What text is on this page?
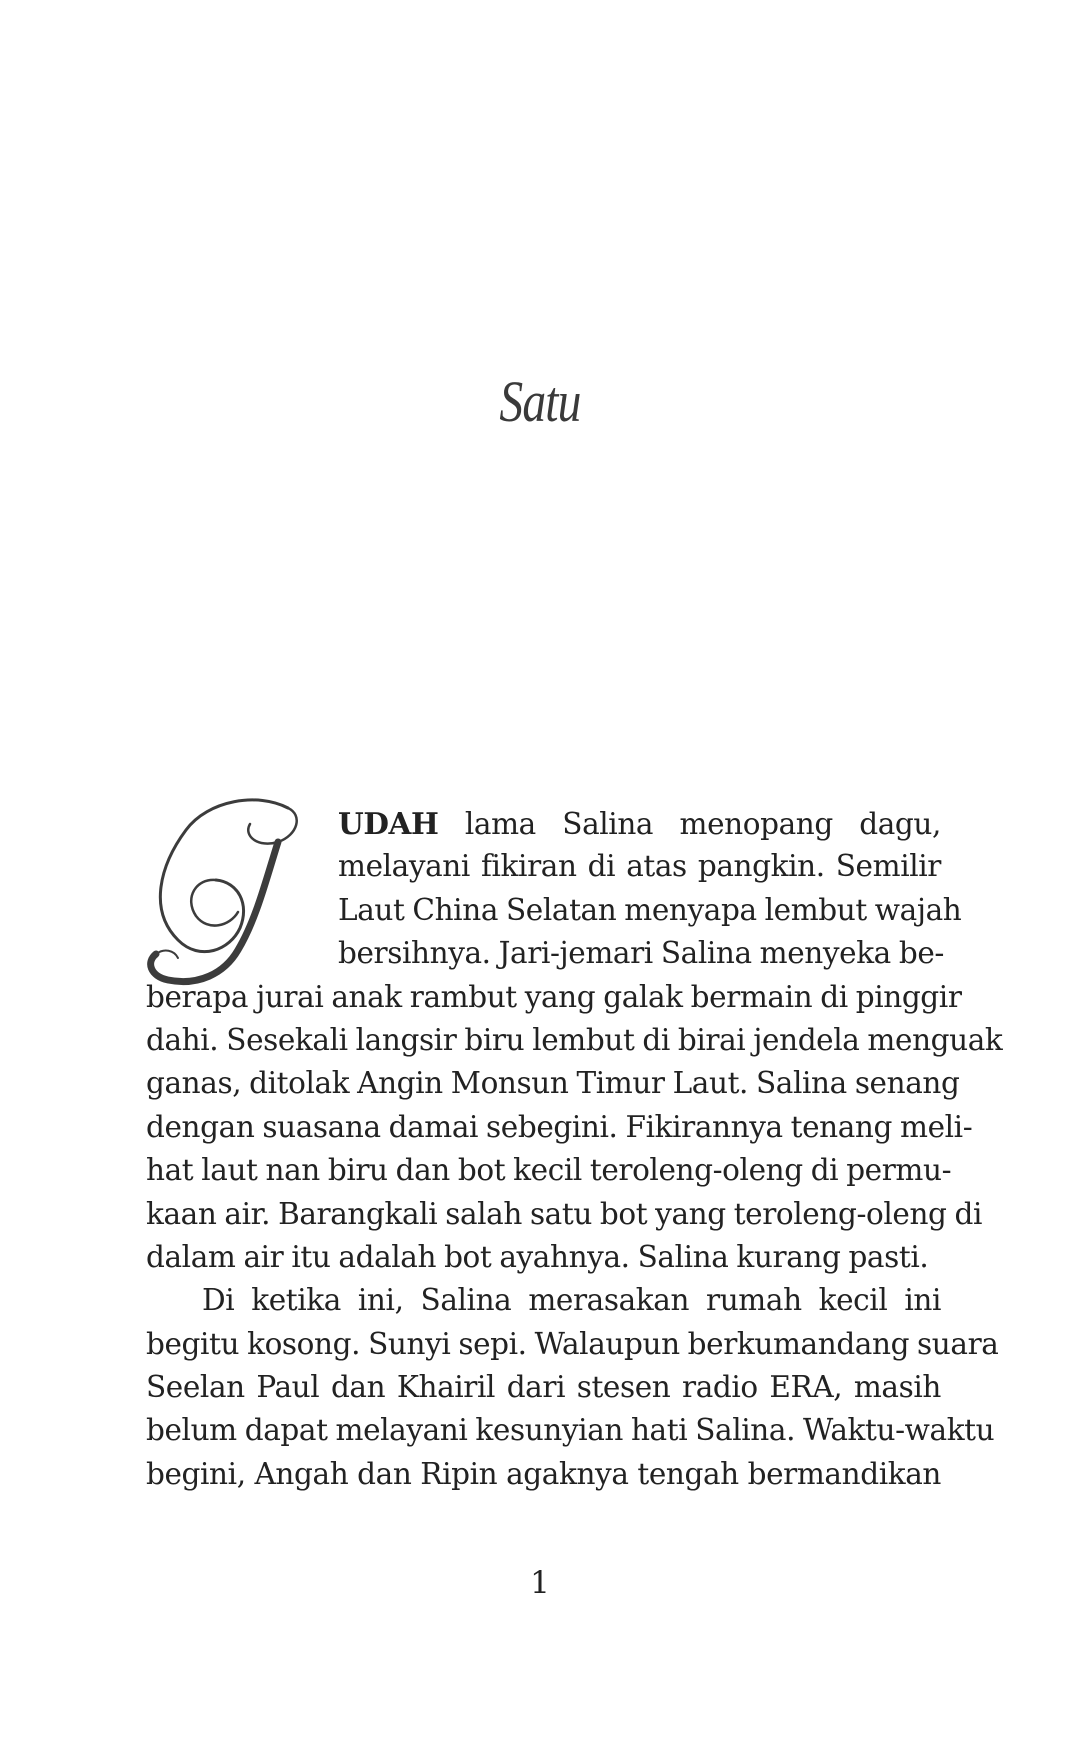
Satu
UDAH lama Salina menopang dagu,
melayani fikiran di atas pangkin. Semilir
Laut China Selatan menyapa lembut wajah
bersihnya. Jari-jemari Salina menyeka be-
berapa jurai anak rambut yang galak bermain di pinggir
dahi. Sesekali langsir biru lembut di birai jendela menguak
ganas, ditolak Angin Monsun Timur Laut. Salina senang
dengan suasana damai sebegini. Fikirannya tenang meli-
hat laut nan biru dan bot kecil teroleng-oleng di permu-
kaan air. Barangkali salah satu bot yang teroleng-oleng di
dalam air itu adalah bot ayahnya. Salina kurang pasti.
Di ketika ini, Salina merasakan rumah kecil ini
begitu kosong. Sunyi sepi. Walaupun berkumandang suara
Seelan Paul dan Khairil dari stesen radio ERA, masih
belum dapat melayani kesunyian hati Salina. Waktu-waktu
begini, Angah dan Ripin agaknya tengah bermandikan
1
